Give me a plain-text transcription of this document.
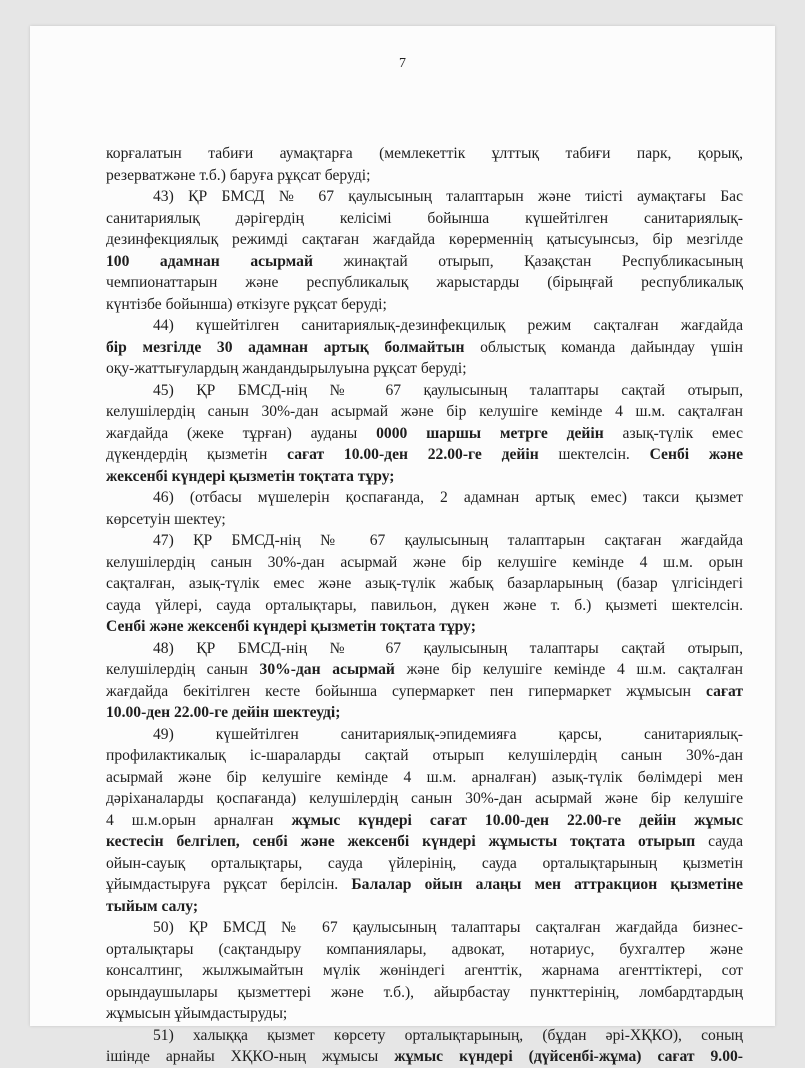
7
корғалатын табиғи аумақтарға (мемлекеттік ұлттық табиғи парк, қорық,
резерватжәне т.б.) баруға рұқсат беруді;
43) ҚР БМСД № 67 қаулысының талаптарын және тиісті аумақтағы Бас
санитариялық дәрігердің келісімі бойынша күшейтілген санитариялық-
дезинфекциялық режимді сақтаған жағдайда көрерменнің қатысуынсыз, бір мезгілде
100 адамнан асырмай жинақтай отырып, Қазақстан Республикасының
чемпионаттарын және республикалық жарыстарды (бірыңғай республикалық
күнтізбе бойынша) өткізуге рұқсат беруді;
44) күшейтілген санитариялық-дезинфекцилық режим сақталған жағдайда
бір мезгілде 30 адамнан артық болмайтын облыстық команда дайындау үшін
оқу-жаттығулардың жандандырылуына рұқсат беруді;
45) ҚР БМСД-нің № 67 қаулысының талаптары сақтай отырып,
келушілердің санын 30%-дан асырмай және бір келушіге кемінде 4 ш.м. сақталған
жағдайда (жеке тұрған) ауданы 0000 шаршы метрге дейін азық-түлік емес
дүкендердің қызметін сағат 10.00-ден 22.00-ге дейін шектелсін. Сенбі және
жексенбі күндері қызметін тоқтата тұру;
46) (отбасы мүшелерін қоспағанда, 2 адамнан артық емес) такси қызмет
көрсетуін шектеу;
47) ҚР БМСД-нің № 67 қаулысының талаптарын сақтаған жағдайда
келушілердің санын 30%-дан асырмай және бір келушіге кемінде 4 ш.м. орын
сақталған, азық-түлік емес және азық-түлік жабық базарларының (базар үлгісіндегі
сауда үйлері, сауда орталықтары, павильон, дүкен және т. б.) қызметі шектелсін.
Сенбі және жексенбі күндері қызметін тоқтата тұру;
48) ҚР БМСД-нің № 67 қаулысының талаптары сақтай отырып,
келушілердің санын 30%-дан асырмай және бір келушіге кемінде 4 ш.м. сақталған
жағдайда бекітілген кесте бойынша супермаркет пен гипермаркет жұмысын сағат
10.00-ден 22.00-ге дейін шектеуді;
49) күшейтілген санитариялық-эпидемияға қарсы, санитариялық-
профилактикалық іс-шараларды сақтай отырып келушілердің санын 30%-дан
асырмай және бір келушіге кемінде 4 ш.м. арналған) азық-түлік бөлімдері мен
дәріханаларды қоспағанда) келушілердің санын 30%-дан асырмай және бір келушіге
4 ш.м.орын арналған жұмыс күндері сағат 10.00-ден 22.00-ге дейін жұмыс
кестесін белгілеп, сенбі және жексенбі күндері жұмысты тоқтата отырып сауда
ойын-сауық орталықтары, сауда үйлерінің, сауда орталықтарының қызметін
ұйымдастыруға рұқсат берілсін. Балалар ойын алаңы мен аттракцион қызметіне
тыйым салу;
50) ҚР БМСД № 67 қаулысының талаптары сақталған жағдайда бизнес-
орталықтары (сақтандыру компаниялары, адвокат, нотариус, бухгалтер және
консалтинг, жылжымайтын мүлік жөніндегі агенттік, жарнама агенттіктері, сот
орындаушылары қызметтері және т.б.), айырбастау пункттерінің, ломбардтардың
жұмысын ұйымдастыруды;
51) халыққа қызмет көрсету орталықтарының, (бұдан әрі-ХҚКО), соның
ішінде арнайы ХҚКО-ның жұмысы жұмыс күндері (дүйсенбі-жұма) сағат 9.00-
